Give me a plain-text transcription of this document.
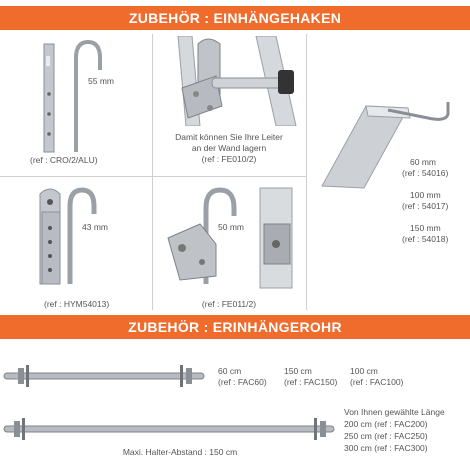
ZUBEHÖR : EINHÄNGEHAKEN
ZUBEHÖR : ERINHÄNGEROHR
55 mm
(ref : CRO/2/ALU)
Damit können Sie Ihre Leiter
an der Wand lagern
(ref : FE010/2)
43 mm
(ref : HYM54013)
50 mm
(ref : FE011/2)
60 mm
(ref : 54016)
100 mm
(ref : 54017)
150 mm
(ref : 54018)
60 cm
(ref : FAC60)
150 cm
(ref : FAC150)
100 cm
(ref : FAC100)
Von Ihnen gewählte Länge
200 cm (ref : FAC200)
250 cm (ref : FAC250)
300 cm (ref : FAC300)
Maxi. Halter-Abstand : 150 cm
